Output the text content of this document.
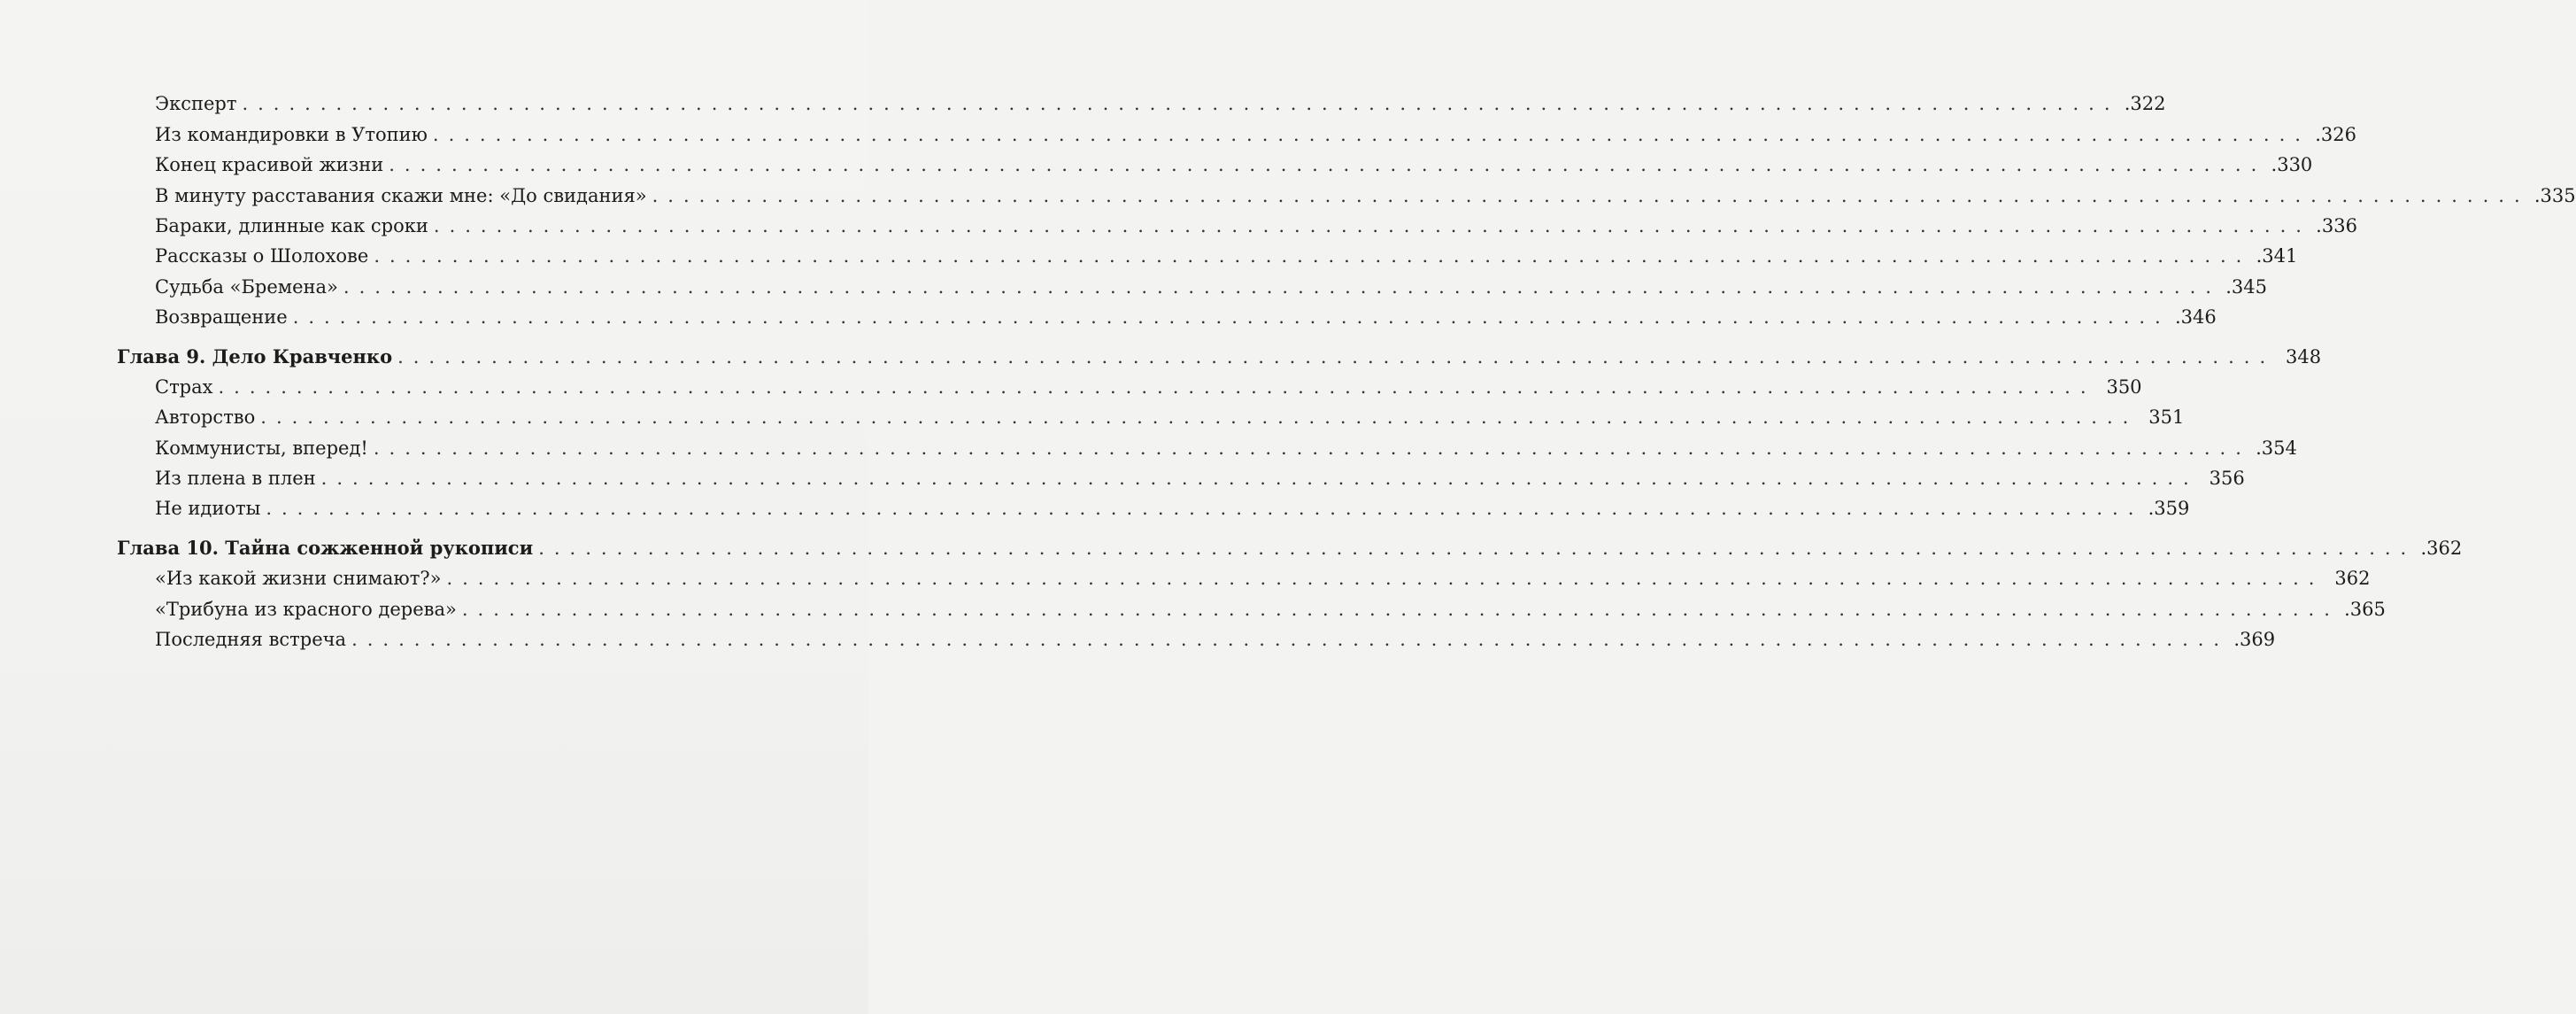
Эксперт ........................................................................................................................ .322
Из командировки в Утопию ........................................................................................................................ .326
Конец красивой жизни ........................................................................................................................ .330
В минуту расставания скажи мне: «До свидания» ........................................................................................................................ .335
Бараки, длинные как сроки ........................................................................................................................ .336
Рассказы о Шолохове ........................................................................................................................ .341
Судьба «Бремена» ........................................................................................................................ .345
Возвращение ........................................................................................................................ .346
Глава 9. Дело Кравченко ........................................................................................................................ 348
Страх ........................................................................................................................ 350
Авторство ........................................................................................................................ 351
Коммунисты, вперед! ........................................................................................................................ .354
Из плена в плен ........................................................................................................................ 356
Не идиоты ........................................................................................................................ .359
Глава 10. Тайна сожженной рукописи ........................................................................................................................ .362
«Из какой жизни снимают?» ........................................................................................................................ 362
«Трибуна из красного дерева» ........................................................................................................................ .365
Последняя встреча ........................................................................................................................ .369
